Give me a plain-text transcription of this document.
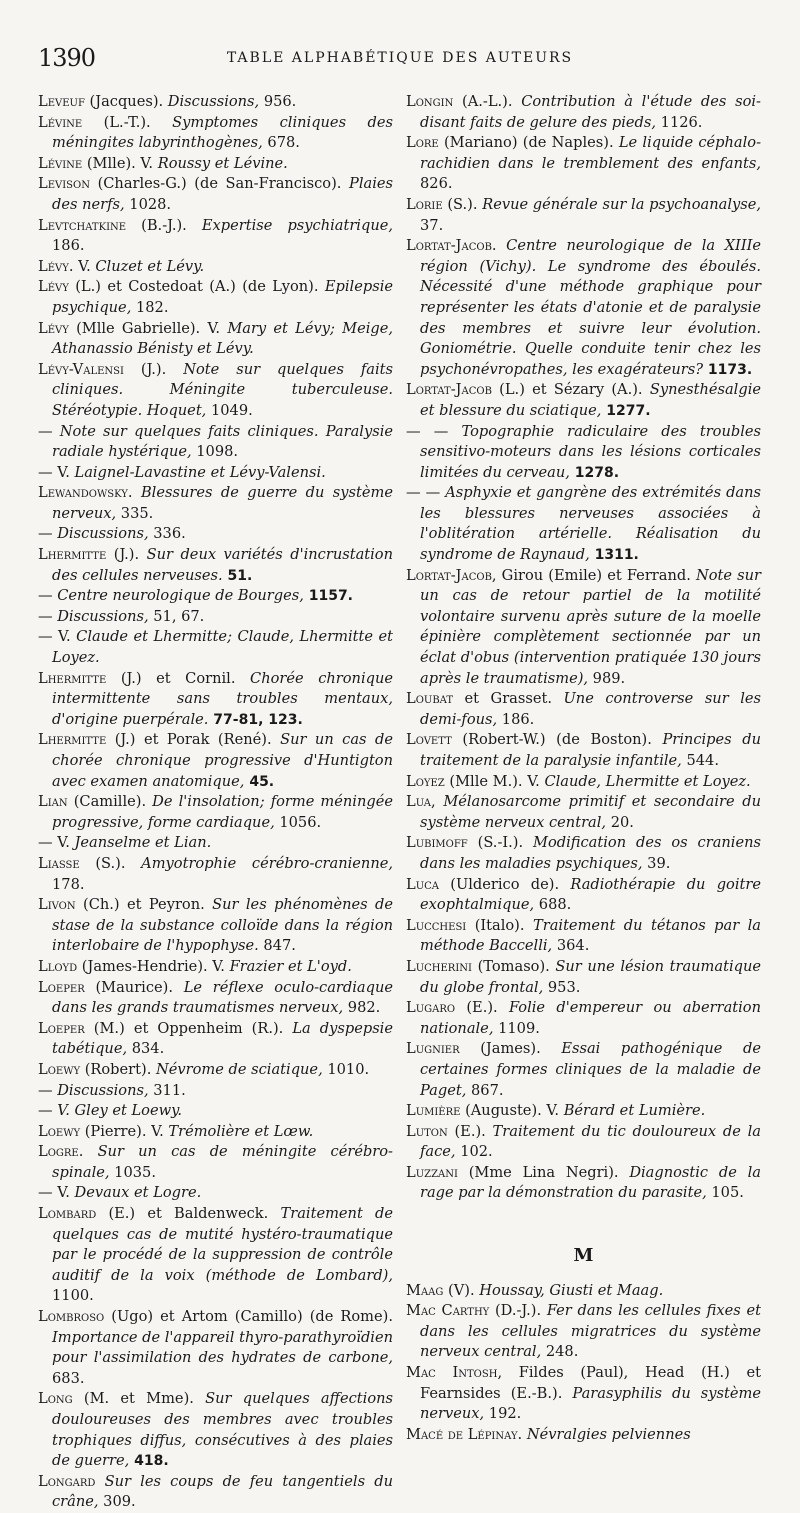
1390	TABLE ALPHABÉTIQUE DES AUTEURS

Leveuf (Jacques). Discussions, 956.

Lévine (L.-T.). Symptomes cliniques des méningites labyrinthogènes, 678.

Lévine (Mlle). V. Roussy et Lévine.

Levison (Charles-G.) (de San-Francisco). Plaies des nerfs, 1028.

Levtchatkine (B.-J.). Expertise psychiatrique, 186.

Lévy. V. Cluzet et Lévy.

Lévy (L.) et Costedoat (A.) (de Lyon). Epilepsie psychique, 182.

Lévy (Mlle Gabrielle). V. Mary et Lévy; Meige, Athanassio Bénisty et Lévy.

Lévy-Valensi (J.). Note sur quelques faits cliniques. Méningite tuberculeuse. Stéréotypie. Hoquet, 1049.

— Note sur quelques faits cliniques. Paralysie radiale hystérique, 1098.

— V. Laignel-Lavastine et Lévy-Valensi.

Lewandowsky. Blessures de guerre du système nerveux, 335.

— Discussions, 336.

Lhermitte (J.). Sur deux variétés d'incrustation des cellules nerveuses. 51.

— Centre neurologique de Bourges, 1157.

— Discussions, 51, 67.

— V. Claude et Lhermitte; Claude, Lhermitte et Loyez.

Lhermitte (J.) et Cornil. Chorée chronique intermittente sans troubles mentaux, d'origine puerpérale. 77-81, 123.

Lhermitte (J.) et Porak (René). Sur un cas de chorée chronique progressive d'Huntigton avec examen anatomique, 45.

Lian (Camille). De l'insolation; forme méningée progressive, forme cardiaque, 1056.

— V. Jeanselme et Lian.

Liasse (S.). Amyotrophie cérébro-cranienne, 178.

Livon (Ch.) et Peyron. Sur les phénomènes de stase de la substance colloïde dans la région interlobaire de l'hypophyse. 847.

Lloyd (James-Hendrie). V. Frazier et L'oyd.

Loeper (Maurice). Le réflexe oculo-cardiaque dans les grands traumatismes nerveux, 982.

Loeper (M.) et Oppenheim (R.). La dyspepsie tabétique, 834.

Loewy (Robert). Névrome de sciatique, 1010.

— Discussions, 311.

— V. Gley et Loewy.

Loewy (Pierre). V. Trémolière et Lœw.

Logre. Sur un cas de méningite cérébro-spinale, 1035.

— V. Devaux et Logre.

Lombard (E.) et Baldenweck. Traitement de quelques cas de mutité hystéro-traumatique par le procédé de la suppression de contrôle auditif de la voix (méthode de Lombard), 1100.

Lombroso (Ugo) et Artom (Camillo) (de Rome). Importance de l'appareil thyro-parathyroïdien pour l'assimilation des hydrates de carbone, 683.

Long (M. et Mme). Sur quelques affections douloureuses des membres avec troubles trophiques diffus, consécutives à des plaies de guerre, 418.

Longard Sur les coups de feu tangentiels du crâne, 309.

Longin (A.-L.). Contribution à l'étude des soi-disant faits de gelure des pieds, 1126.

Lore (Mariano) (de Naples). Le liquide céphalo-rachidien dans le tremblement des enfants, 826.

Lorie (S.). Revue générale sur la psychoanalyse, 37.

Lortat-Jacob. Centre neurologique de la XIIIe région (Vichy). Le syndrome des éboulés. Nécessité d'une méthode graphique pour représenter les états d'atonie et de paralysie des membres et suivre leur évolution. Goniométrie. Quelle conduite tenir chez les psychonévropathes, les exagérateurs? 1173.

Lortat-Jacob (L.) et Sézary (A.). Synesthésalgie et blessure du sciatique, 1277.

— — Topographie radiculaire des troubles sensitivo-moteurs dans les lésions corticales limitées du cerveau, 1278.

— — Asphyxie et gangrène des extrémités dans les blessures nerveuses associées à l'oblitération artérielle. Réalisation du syndrome de Raynaud, 1311.

Lortat-Jacob, Girou (Emile) et Ferrand. Note sur un cas de retour partiel de la motilité volontaire survenu après suture de la moelle épinière complètement sectionnée par un éclat d'obus (intervention pratiquée 130 jours après le traumatisme), 989.

Loubat et Grasset. Une controverse sur les demi-fous, 186.

Lovett (Robert-W.) (de Boston). Principes du traitement de la paralysie infantile, 544.

Loyez (Mlle M.). V. Claude, Lhermitte et Loyez.

Lua, Mélanosarcome primitif et secondaire du système nerveux central, 20.

Lubimoff (S.-I.). Modification des os craniens dans les maladies psychiques, 39.

Luca (Ulderico de). Radiothérapie du goitre exophtalmique, 688.

Lucchesi (Italo). Traitement du tétanos par la méthode Baccelli, 364.

Lucherini (Tomaso). Sur une lésion traumatique du globe frontal, 953.

Lugaro (E.). Folie d'empereur ou aberration nationale, 1109.

Lugnier (James). Essai pathogénique de certaines formes cliniques de la maladie de Paget, 867.

Lumière (Auguste). V. Bérard et Lumière.

Luton (E.). Traitement du tic douloureux de la face, 102.

Luzzani (Mme Lina Negri). Diagnostic de la rage par la démonstration du parasite, 105.

M

Maag (V). Houssay, Giusti et Maag.

Mac Carthy (D.-J.). Fer dans les cellules fixes et dans les cellules migratrices du système nerveux central, 248.

Mac Intosh, Fildes (Paul), Head (H.) et Fearnsides (E.-B.). Parasyphilis du système nerveux, 192.

Macé de Lépinay. Névralgies pelviennes
